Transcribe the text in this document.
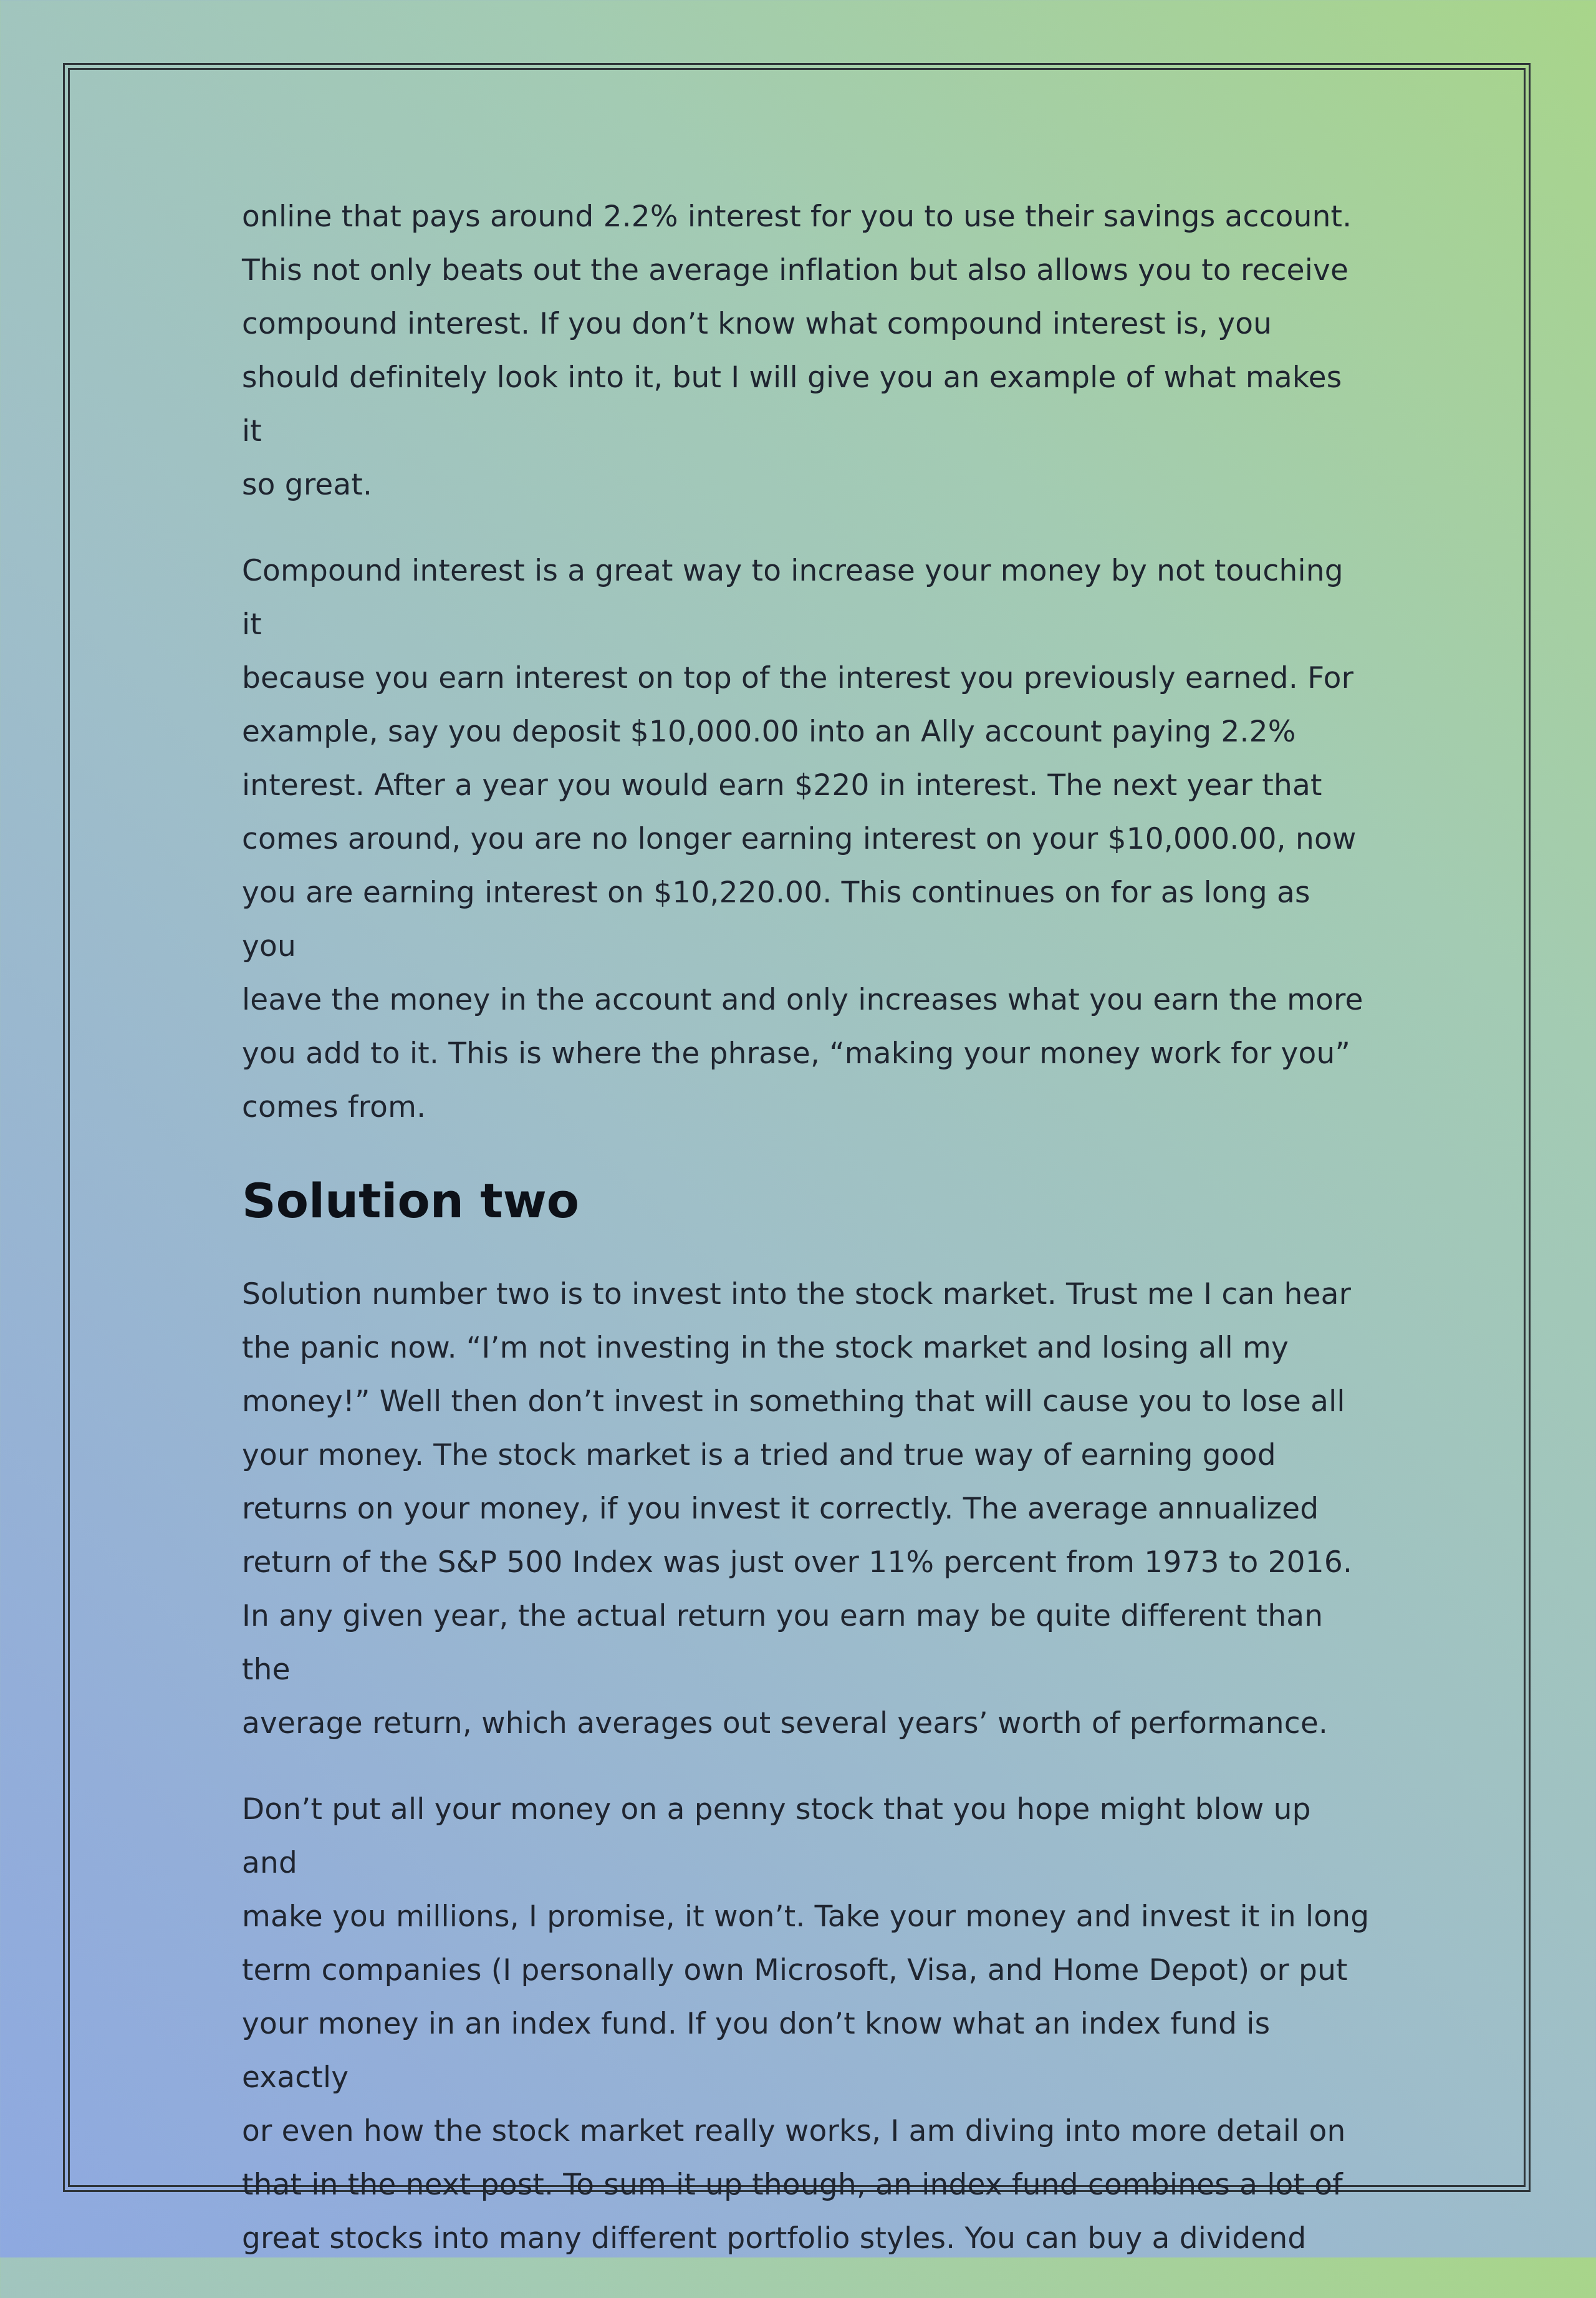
online that pays around 2.2% interest for you to use their savings account.
This not only beats out the average inflation but also allows you to receive
compound interest. If you don’t know what compound interest is, you
should definitely look into it, but I will give you an example of what makes it
so great.

Compound interest is a great way to increase your money by not touching it
because you earn interest on top of the interest you previously earned. For
example, say you deposit $10,000.00 into an Ally account paying 2.2%
interest. After a year you would earn $220 in interest. The next year that
comes around, you are no longer earning interest on your $10,000.00, now
you are earning interest on $10,220.00. This continues on for as long as you
leave the money in the account and only increases what you earn the more
you add to it. This is where the phrase, “making your money work for you”
comes from.

Solution two

Solution number two is to invest into the stock market. Trust me I can hear
the panic now. “I’m not investing in the stock market and losing all my
money!” Well then don’t invest in something that will cause you to lose all
your money. The stock market is a tried and true way of earning good
returns on your money, if you invest it correctly. The average annualized
return of the S&P 500 Index was just over 11% percent from 1973 to 2016.
In any given year, the actual return you earn may be quite different than the
average return, which averages out several years’ worth of performance.

Don’t put all your money on a penny stock that you hope might blow up and
make you millions, I promise, it won’t. Take your money and invest it in long
term companies (I personally own Microsoft, Visa, and Home Depot) or put
your money in an index fund. If you don’t know what an index fund is exactly
or even how the stock market really works, I am diving into more detail on
that in the next post. To sum it up though, an index fund combines a lot of
great stocks into many different portfolio styles. You can buy a dividend
